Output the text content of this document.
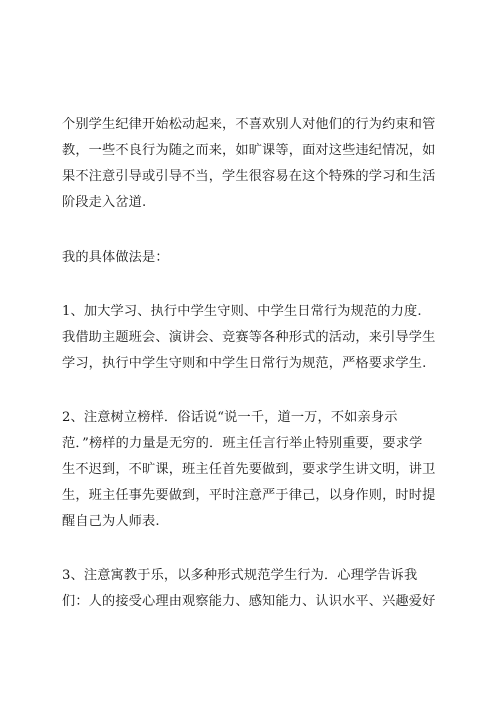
个别学生纪律开始松动起来，不喜欢别人对他们的行为约束和管
教，一些不良行为随之而来，如旷课等，面对这些违纪情况，如
果不注意引导或引导不当，学生很容易在这个特殊的学习和生活
阶段走入岔道.

我的具体做法是：

1、加大学习、执行中学生守则、中学生日常行为规范的力度.
我借助主题班会、演讲会、竞赛等各种形式的活动，来引导学生
学习，执行中学生守则和中学生日常行为规范，严格要求学生.

2、注意树立榜样．俗话说“说一千，道一万，不如亲身示
范．”榜样的力量是无穷的．班主任言行举止特别重要，要求学
生不迟到，不旷课，班主任首先要做到，要求学生讲文明，讲卫
生，班主任事先要做到，平时注意严于律己，以身作则，时时提
醒自己为人师表.

3、注意寓教于乐，以多种形式规范学生行为．心理学告诉我
们：人的接受心理由观察能力、感知能力、认识水平、兴趣爱好
